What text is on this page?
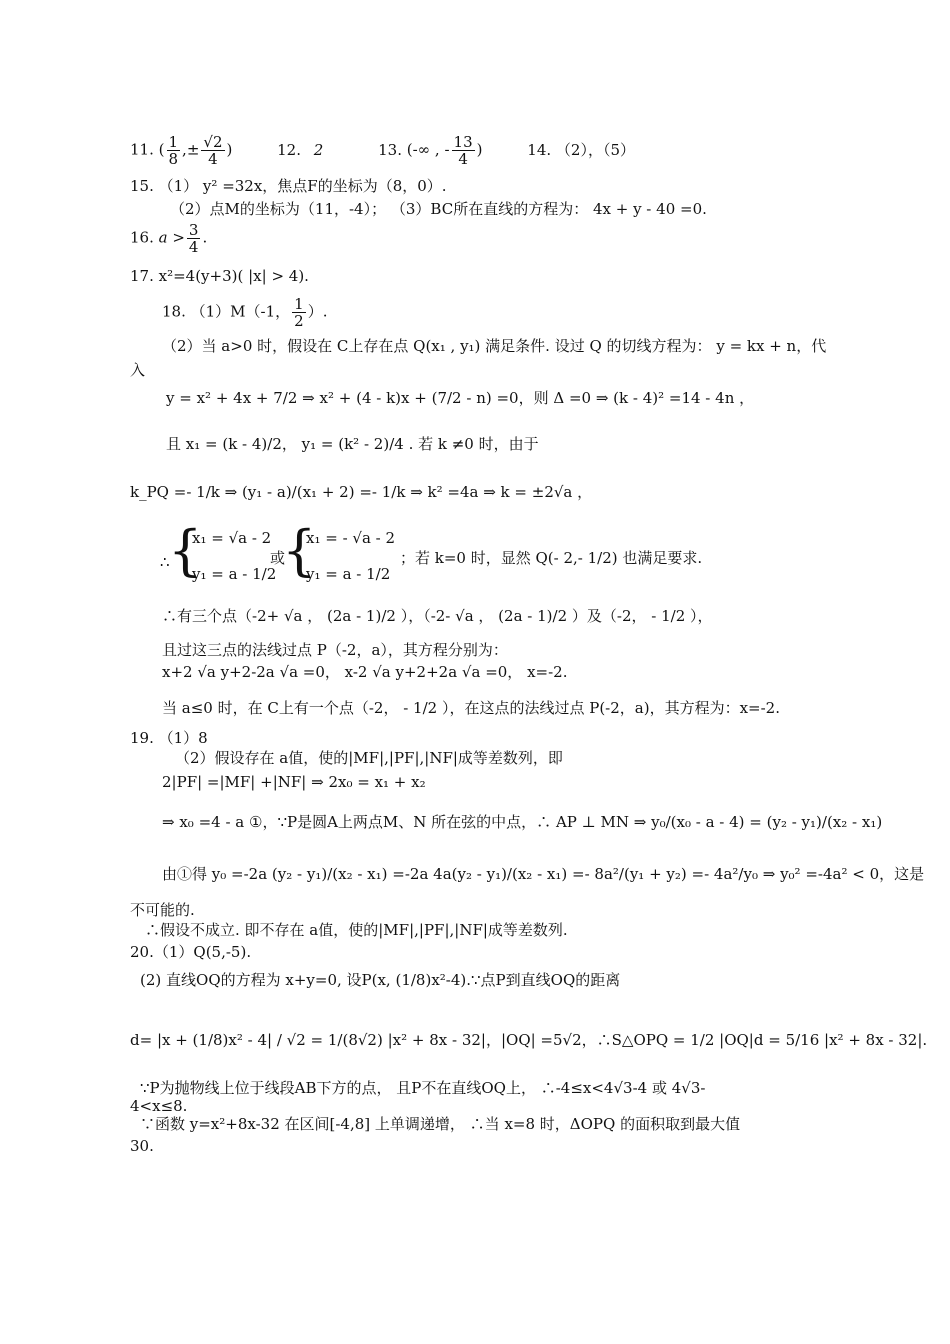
11. ( $\frac{1}{8}$ ,± $\frac{√2}{4}$ )	12. 2	13. (-∞ , - $\frac{13}{4}$ )	14. （2），（5）
15. （1） y² =32x，焦点F的坐标为（8，0）.
（2）点M的坐标为（11，-4）； （3）BC所在直线的方程为： 4x + y - 40 =0.
16. $a > \frac{3}{4}$ .
17. x²=4(y+3)( |x| > 4).
18. （1）M（-1， $\frac{1}{2}$ ）.
（2）当 a>0 时，假设在 C上存在点 Q(x₁ , y₁) 满足条件. 设过 Q 的切线方程为： y = kx + n，代
入
y = x² + 4x + 7/2 ⇒ x² + (4 - k)x + (7/2 - n) =0，则 Δ =0 ⇒ (k - 4)² =14 - 4n ，
且 x₁ = (k - 4)/2， y₁ = (k² - 2)/4 . 若 k ≠0 时，由于
k_PQ =- 1/k ⇒ (y₁ - a)/(x₁ + 2) =- 1/k ⇒ k² =4a ⇒ k = ±2√a ，
∴
{
x₁ = √a - 2
y₁ = a - 1/2
或
{
x₁ = - √a - 2
y₁ = a - 1/2
；若 k=0 时，显然 Q(- 2,- 1/2) 也满足要求.
∴有三个点（-2+ √a ， (2a - 1)/2 ），（-2- √a ， (2a - 1)/2 ）及（-2， - 1/2 ），
且过这三点的法线过点 P（-2，a），其方程分别为：
x+2 √a y+2-2a √a =0， x-2 √a y+2+2a √a =0， x=-2.
当 a≤0 时，在 C上有一个点（-2， - 1/2 ），在这点的法线过点 P(-2，a)，其方程为：x=-2.
19. （1）8
（2）假设存在 a值，使的|MF|,|PF|,|NF|成等差数列，即
2|PF| =|MF| +|NF| ⇒ 2x₀ = x₁ + x₂
⇒ x₀ =4 - a ①，∵P是圆A上两点M、N 所在弦的中点，∴ AP ⊥ MN ⇒ y₀/(x₀ - a - 4) = (y₂ - y₁)/(x₂ - x₁)
由①得 y₀ =-2a (y₂ - y₁)/(x₂ - x₁) =-2a 4a(y₂ - y₁)/(x₂ - x₁) =- 8a²/(y₁ + y₂) =- 4a²/y₀ ⇒ y₀² =-4a² < 0，这是
不可能的.
∴假设不成立. 即不存在 a值，使的|MF|,|PF|,|NF|成等差数列.
20.（1）Q(5,-5).
(2) 直线OQ的方程为 x+y=0, 设P(x, (1/8)x²-4).∵点P到直线OQ的距离
d= |x + (1/8)x² - 4| / √2 = 1/(8√2) |x² + 8x - 32|，|OQ| =5√2，∴S△OPQ = 1/2 |OQ|d = 5/16 |x² + 8x - 32|.
∵P为抛物线上位于线段AB下方的点， 且P不在直线OQ上， ∴-4≤x<4√3-4 或 4√3-
4<x≤8.
∵函数 y=x²+8x-32 在区间[-4,8] 上单调递增， ∴当 x=8 时，ΔOPQ 的面积取到最大值
30.
